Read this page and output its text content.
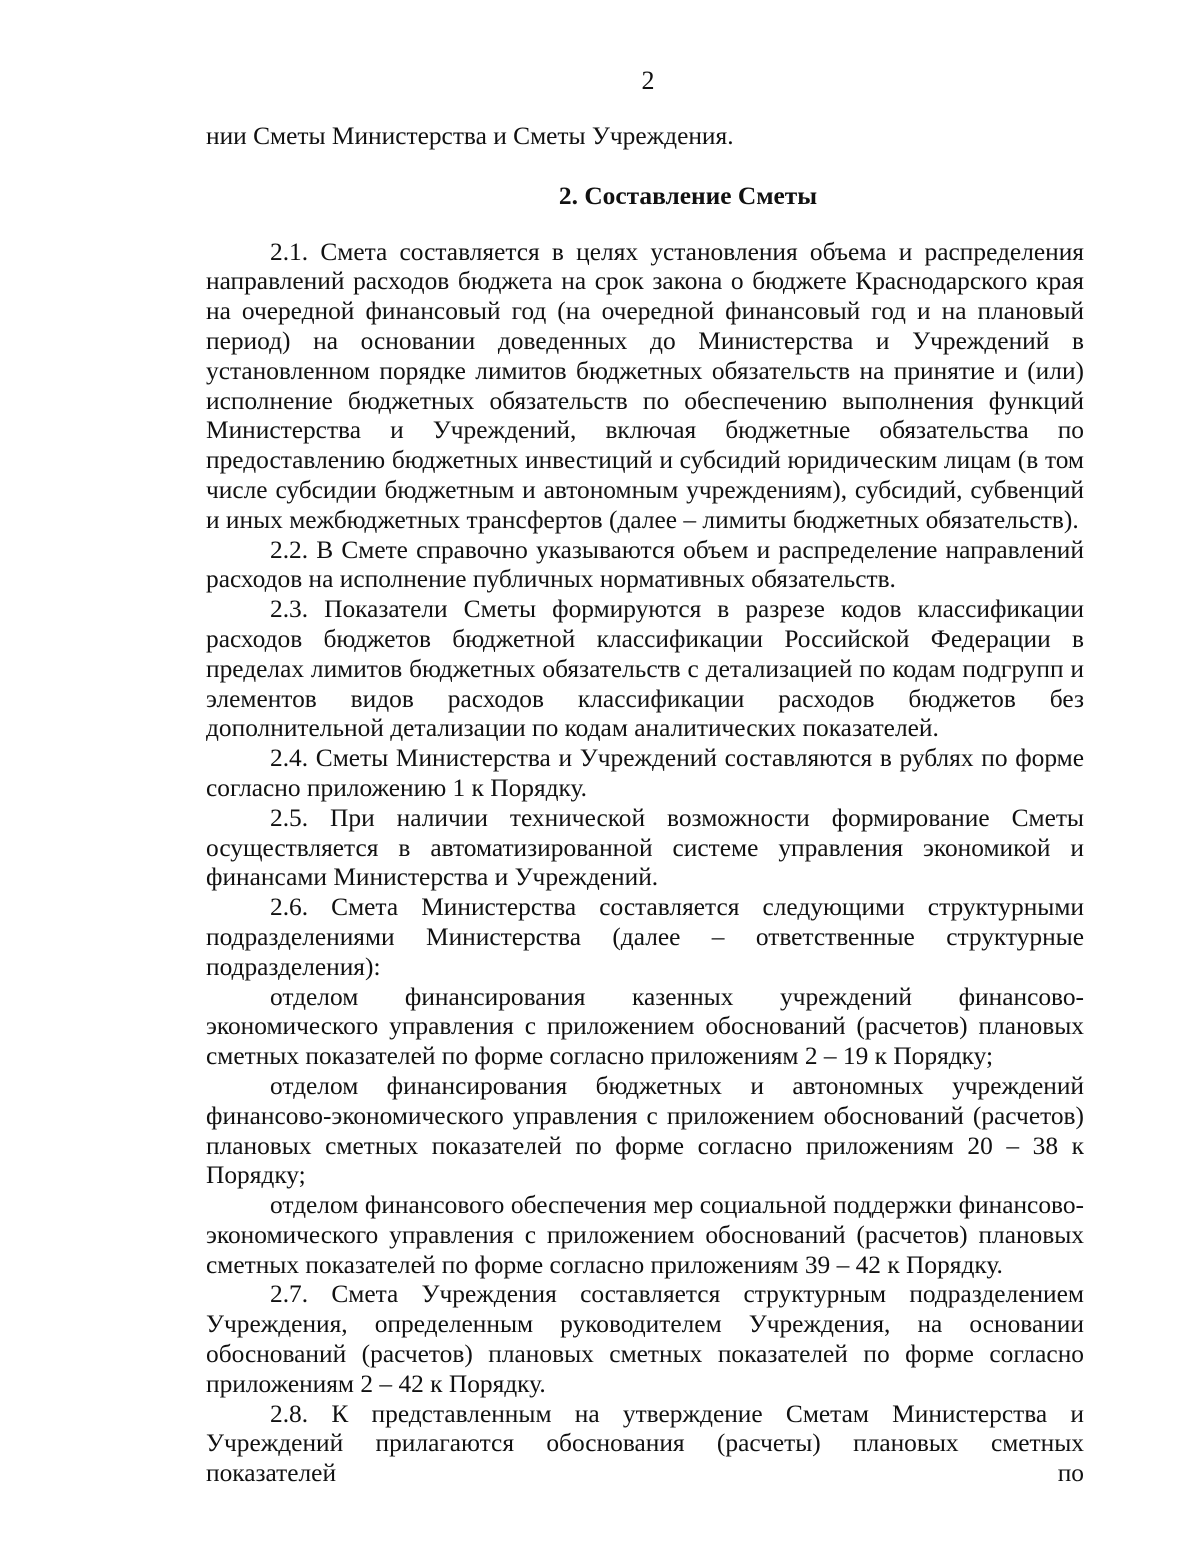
2

нии Сметы Министерства и Сметы Учреждения.

2. Составление Сметы

2.1. Смета составляется в целях установления объема и распределения направлений расходов бюджета на срок закона о бюджете Краснодарского края на очередной финансовый год (на очередной финансовый год и на плановый период) на основании доведенных до Министерства и Учреждений в установленном порядке лимитов бюджетных обязательств на принятие и (или) исполнение бюджетных обязательств по обеспечению выполнения функций Министерства и Учреждений, включая бюджетные обязательства по предоставлению бюджетных инвестиций и субсидий юридическим лицам (в том числе субсидии бюджетным и автономным учреждениям), субсидий, субвенций и иных межбюджетных трансфертов (далее – лимиты бюджетных обязательств).

2.2. В Смете справочно указываются объем и распределение направлений расходов на исполнение публичных нормативных обязательств.

2.3. Показатели Сметы формируются в разрезе кодов классификации расходов бюджетов бюджетной классификации Российской Федерации в пределах лимитов бюджетных обязательств с детализацией по кодам подгрупп и элементов видов расходов классификации расходов бюджетов без дополнительной детализации по кодам аналитических показателей.

2.4. Сметы Министерства и Учреждений составляются в рублях по форме согласно приложению 1 к Порядку.

2.5. При наличии технической возможности формирование Сметы осуществляется в автоматизированной системе управления экономикой и финансами Министерства и Учреждений.

2.6. Смета Министерства составляется следующими структурными подразделениями Министерства (далее – ответственные структурные подразделения):

отделом финансирования казенных учреждений финансово-экономического управления с приложением обоснований (расчетов) плановых сметных показателей по форме согласно приложениям 2 – 19 к Порядку;

отделом финансирования бюджетных и автономных учреждений финансово-экономического управления с приложением обоснований (расчетов) плановых сметных показателей по форме согласно приложениям 20 – 38 к Порядку;

отделом финансового обеспечения мер социальной поддержки финансово-экономического управления с приложением обоснований (расчетов) плановых сметных показателей по форме согласно приложениям 39 – 42 к Порядку.

2.7. Смета Учреждения составляется структурным подразделением Учреждения, определенным руководителем Учреждения, на основании обоснований (расчетов) плановых сметных показателей по форме согласно приложениям 2 – 42 к Порядку.

2.8. К представленным на утверждение Сметам Министерства и Учреждений прилагаются обоснования (расчеты) плановых сметных показателей по
